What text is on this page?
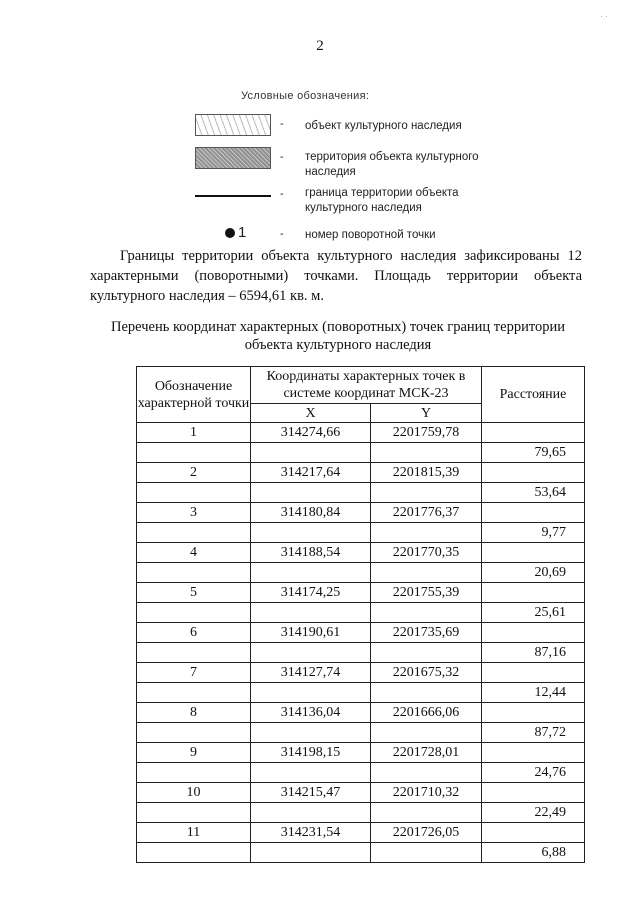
2
Условные обозначения:
- объект культурного наследия
- территория объекта культурного наследия
- граница территории объекта культурного наследия
1	- номер поворотной точки
Границы территории объекта культурного наследия зафиксированы 12 характерными (поворотными) точками. Площадь территории объекта культурного наследия – 6594,61 кв. м.
Перечень координат характерных (поворотных) точек границ территории объекта культурного наследия
Обозначение характерной точки	Координаты характерных точек в системе координат МСК-23		Расстояние
	X	Y	
1	314274,66	2201759,78	
			79,65
2	314217,64	2201815,39	
			53,64
3	314180,84	2201776,37	
			9,77
4	314188,54	2201770,35	
			20,69
5	314174,25	2201755,39	
			25,61
6	314190,61	2201735,69	
			87,16
7	314127,74	2201675,32	
			12,44
8	314136,04	2201666,06	
			87,72
9	314198,15	2201728,01	
			24,76
10	314215,47	2201710,32	
			22,49
11	314231,54	2201726,05	
			6,88
· ·
